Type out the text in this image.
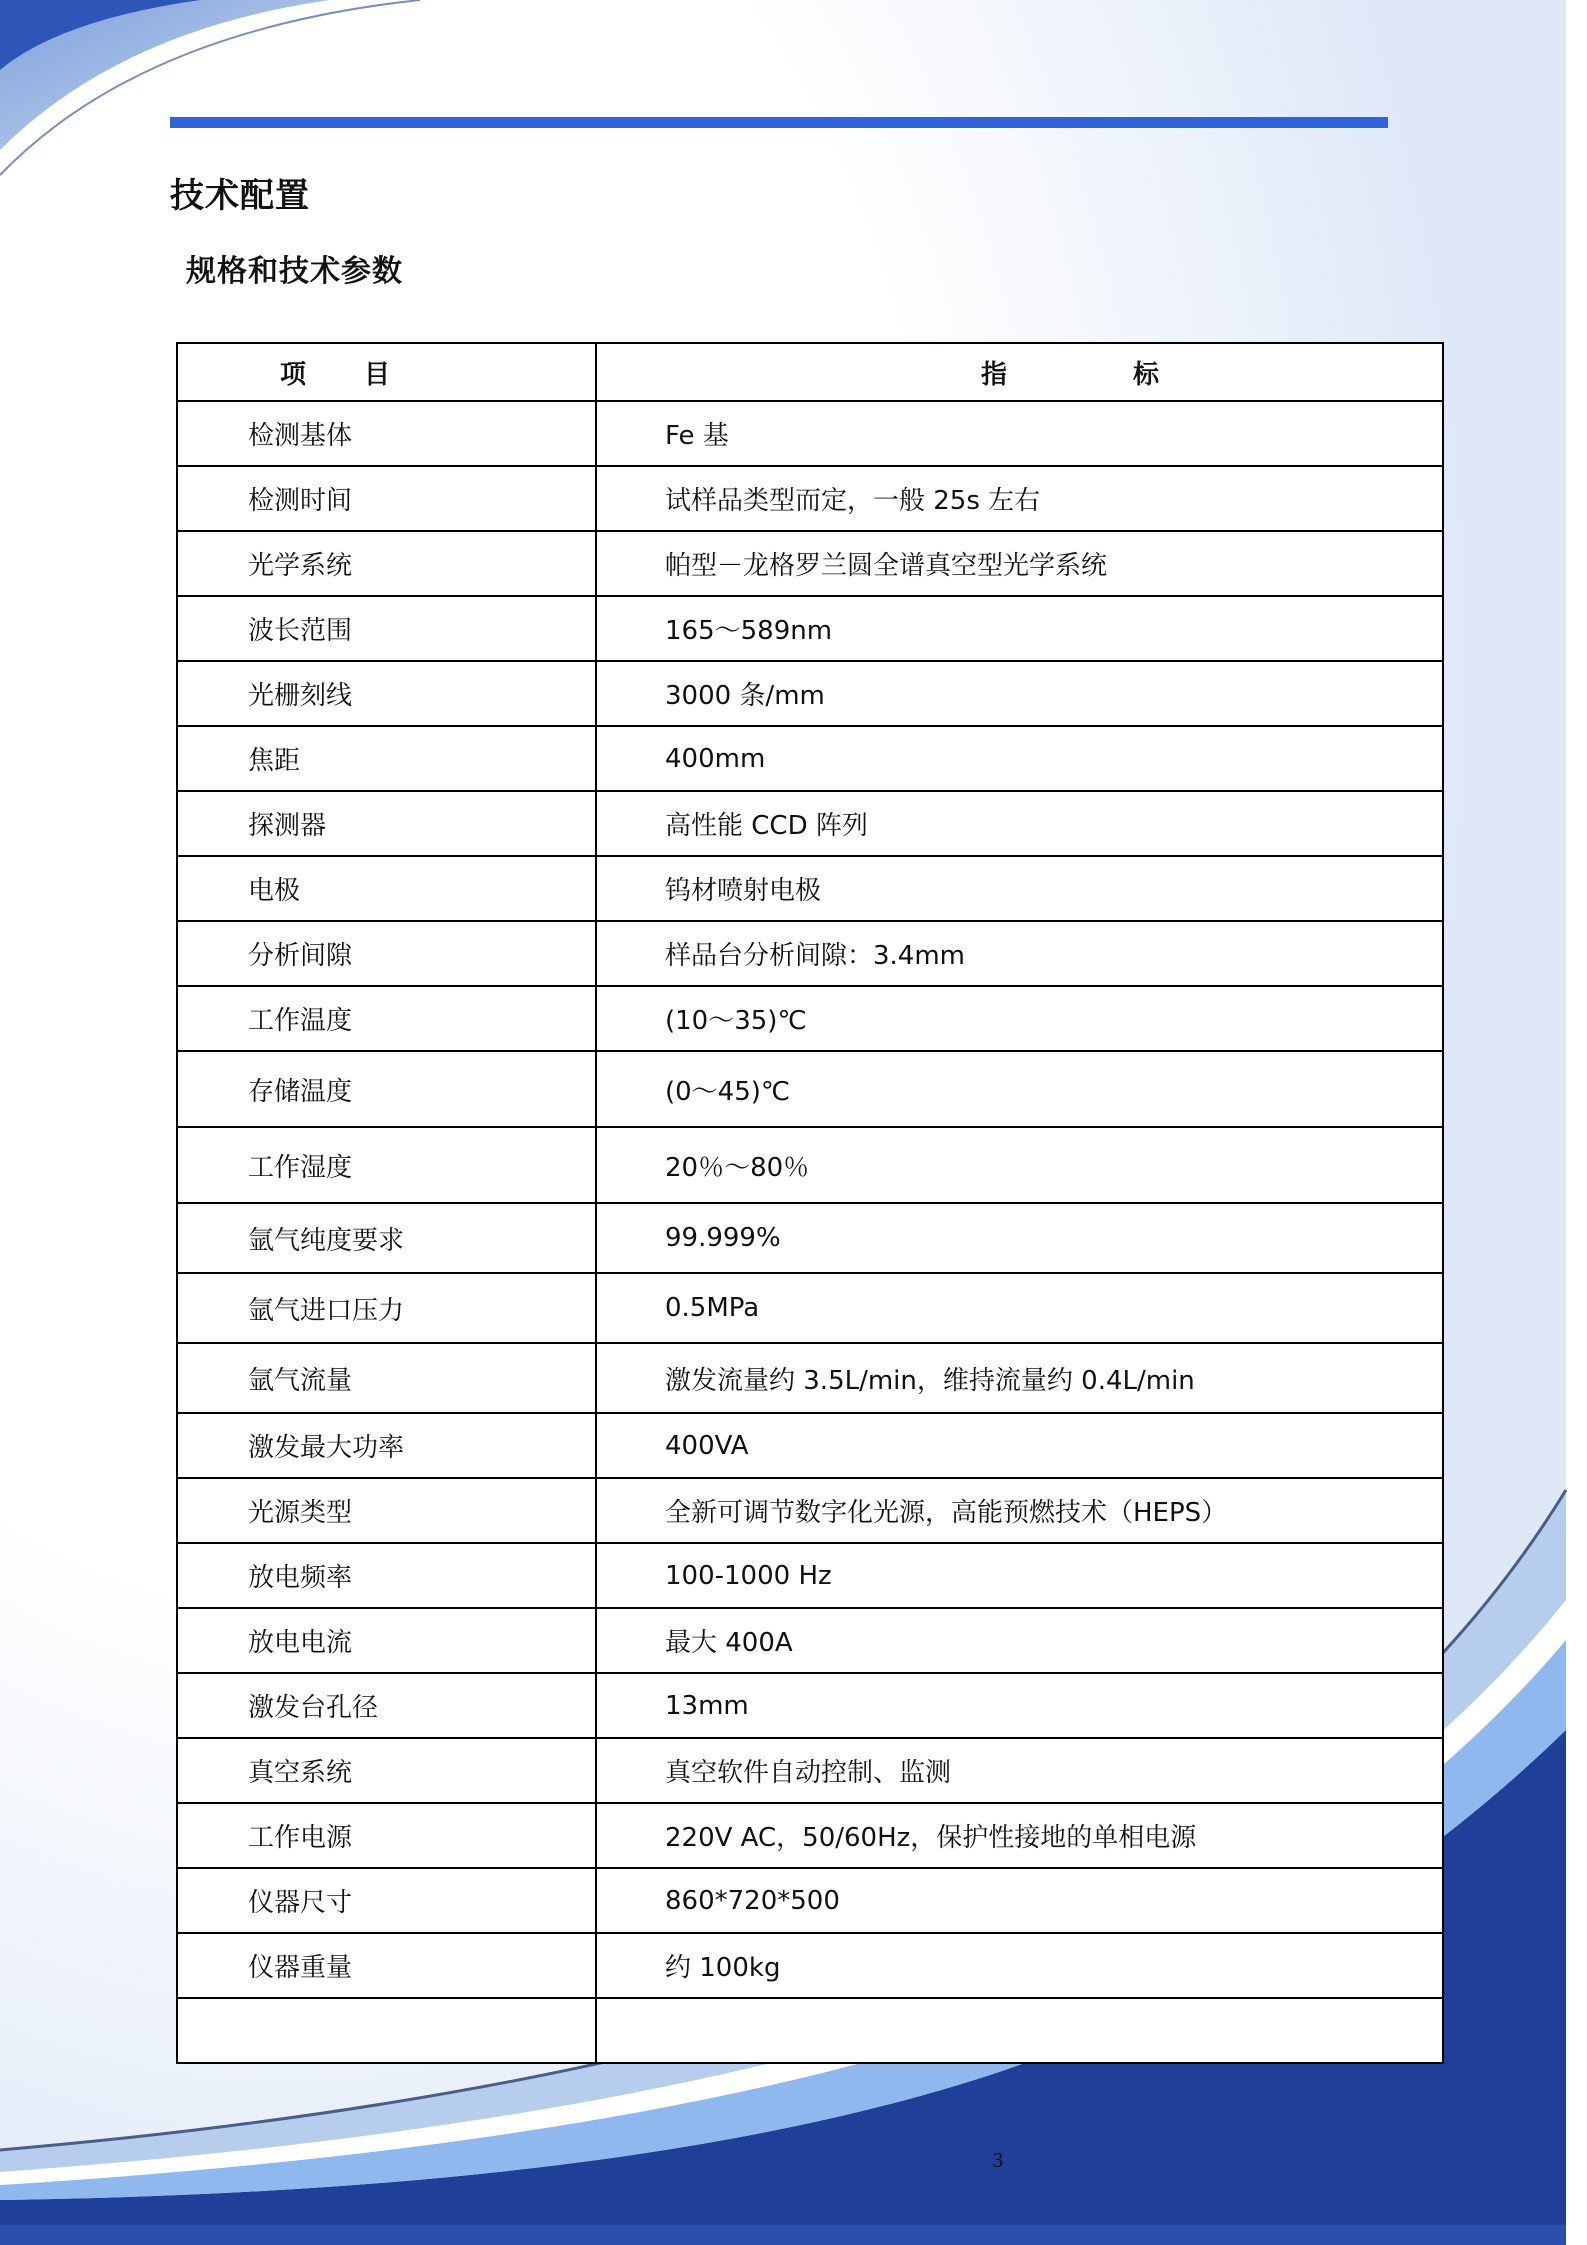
技术配置
规格和技术参数
项 目	指 标
检测基体	Fe 基
检测时间	试样品类型而定，一般 25s 左右
光学系统	帕型－龙格罗兰圆全谱真空型光学系统
波长范围	165～589nm
光栅刻线	3000 条/mm
焦距	400mm
探测器	高性能 CCD 阵列
电极	钨材喷射电极
分析间隙	样品台分析间隙：3.4mm
工作温度	(10～35)℃
存储温度	(0～45)℃
工作湿度	20％～80％
氩气纯度要求	99.999%
氩气进口压力	0.5MPa
氩气流量	激发流量约 3.5L/min，维持流量约 0.4L/min
激发最大功率	400VA
光源类型	全新可调节数字化光源，高能预燃技术（HEPS）
放电频率	100-1000 Hz
放电电流	最大 400A
激发台孔径	13mm
真空系统	真空软件自动控制、监测
工作电源	220V AC，50/60Hz，保护性接地的单相电源
仪器尺寸	860*720*500
仪器重量	约 100kg

3
